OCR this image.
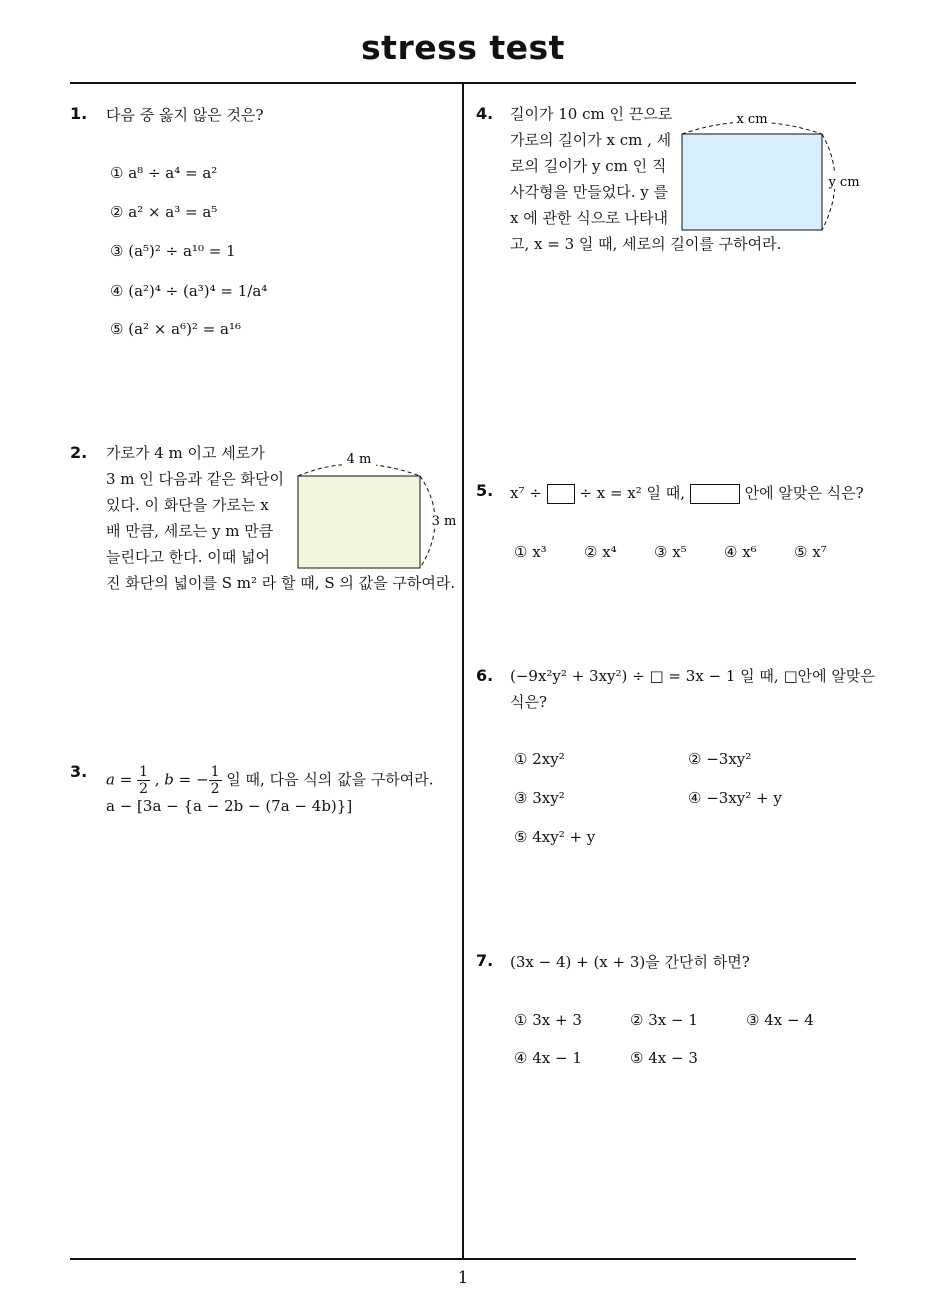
stress test
1
1. 다음 중 옳지 않은 것은?
① a⁸ ÷ a⁴ = a²
② a² × a³ = a⁵
③ (a⁵)² ÷ a¹⁰ = 1
④ (a²)⁴ ÷ (a³)⁴ = 1/a⁴
⑤ (a² × a⁶)² = a¹⁶
2. 가로가 4 m 이고 세로가
3 m 인 다음과 같은 화단이
있다. 이 화단을 가로는 x
배 만큼, 세로는 y m 만큼
늘린다고 한다. 이때 넓어
진 화단의 넓이를 S m² 라 할 때, S 의 값을 구하여라.
4 m
3 m
3. $a = \frac{1}{2}$ , b = − $\frac{1}{2}$ 일 때, 다음 식의 값을 구하여라.
a − [3a − {a − 2b − (7a − 4b)}]
4. 길이가 10 cm 인 끈으로
가로의 길이가 x cm , 세
로의 길이가 y cm 인 직
사각형을 만들었다. y 를
x 에 관한 식으로 나타내
고, x = 3 일 때, 세로의 길이를 구하여라.
x cm
y cm
5. x⁷ ÷	÷ x = x² 일 때,	안에 알맞은 식은?
① x³ ② x⁴ ③ x⁵ ④ x⁶ ⑤ x⁷
6. (−9x²y² + 3xy²) ÷ □ = 3x − 1 일 때, □안에 알맞은
식은?
① 2xy²	② −3xy²
③ 3xy²	④ −3xy² + y
⑤ 4xy² + y
7. (3x − 4) + (x + 3)을 간단히 하면?
① 3x + 3	② 3x − 1	③ 4x − 4
④ 4x − 1	⑤ 4x − 3
